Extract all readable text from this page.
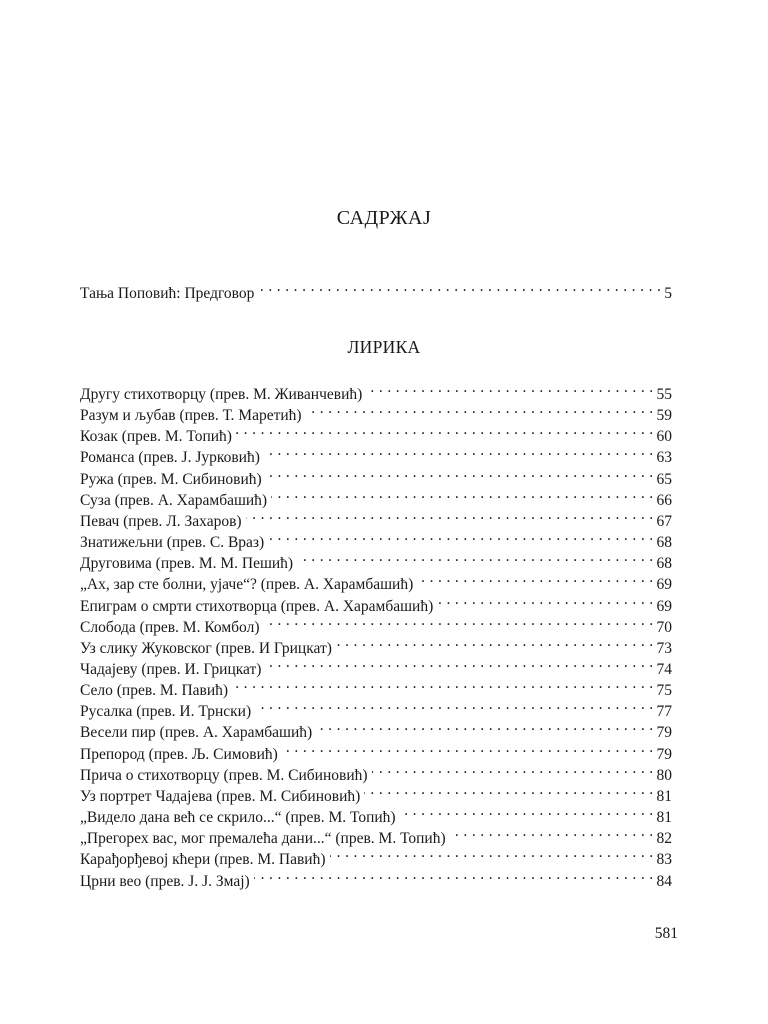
САДРЖАЈ
Тања Поповић: Предговор . . .	5
ЛИРИКА
Другу стихотворцу (прев. М. Живанчевић) . . .	55
Разум и љубав (прев. Т. Маретић) . . .	59
Козак (прев. М. Топић) . . .	60
Романса (прев. Ј. Јурковић) . . .	63
Ружа (прев. М. Сибиновић) . . .	65
Суза (прев. А. Харамбашић) . . .	66
Певач (прев. Л. Захаров) . . .	67
Знатижељни (прев. С. Враз) . . .	68
Друговима (прев. М. М. Пешић) . . .	68
„Ах, зар сте болни, ујаче“? (прев. А. Харамбашић) . . .	69
Епиграм о смрти стихотворца (прев. А. Харамбашић) . . .	69
Слобода (прев. М. Комбол) . . .	70
Уз слику Жуковског (прев. И Грицкат) . . .	73
Чадајеву (прев. И. Грицкат) . . .	74
Село (прев. М. Павић) . . .	75
Русалка (прев. И. Трнски) . . .	77
Весели пир (прев. А. Харамбашић) . . .	79
Препород (прев. Љ. Симовић) . . .	79
Прича о стихотворцу (прев. М. Сибиновић) . . .	80
Уз портрет Чадајева (прев. М. Сибиновић) . . .	81
„Видело дана већ се скрило...“ (прев. М. Топић) . . .	81
„Прегорех вас, мог премалећа дани...“ (прев. М. Топић) . . .	82
Карађорђевој кћери (прев. М. Павић) . . .	83
Црни вео (прев. Ј. Ј. Змај) . . .	84
581
